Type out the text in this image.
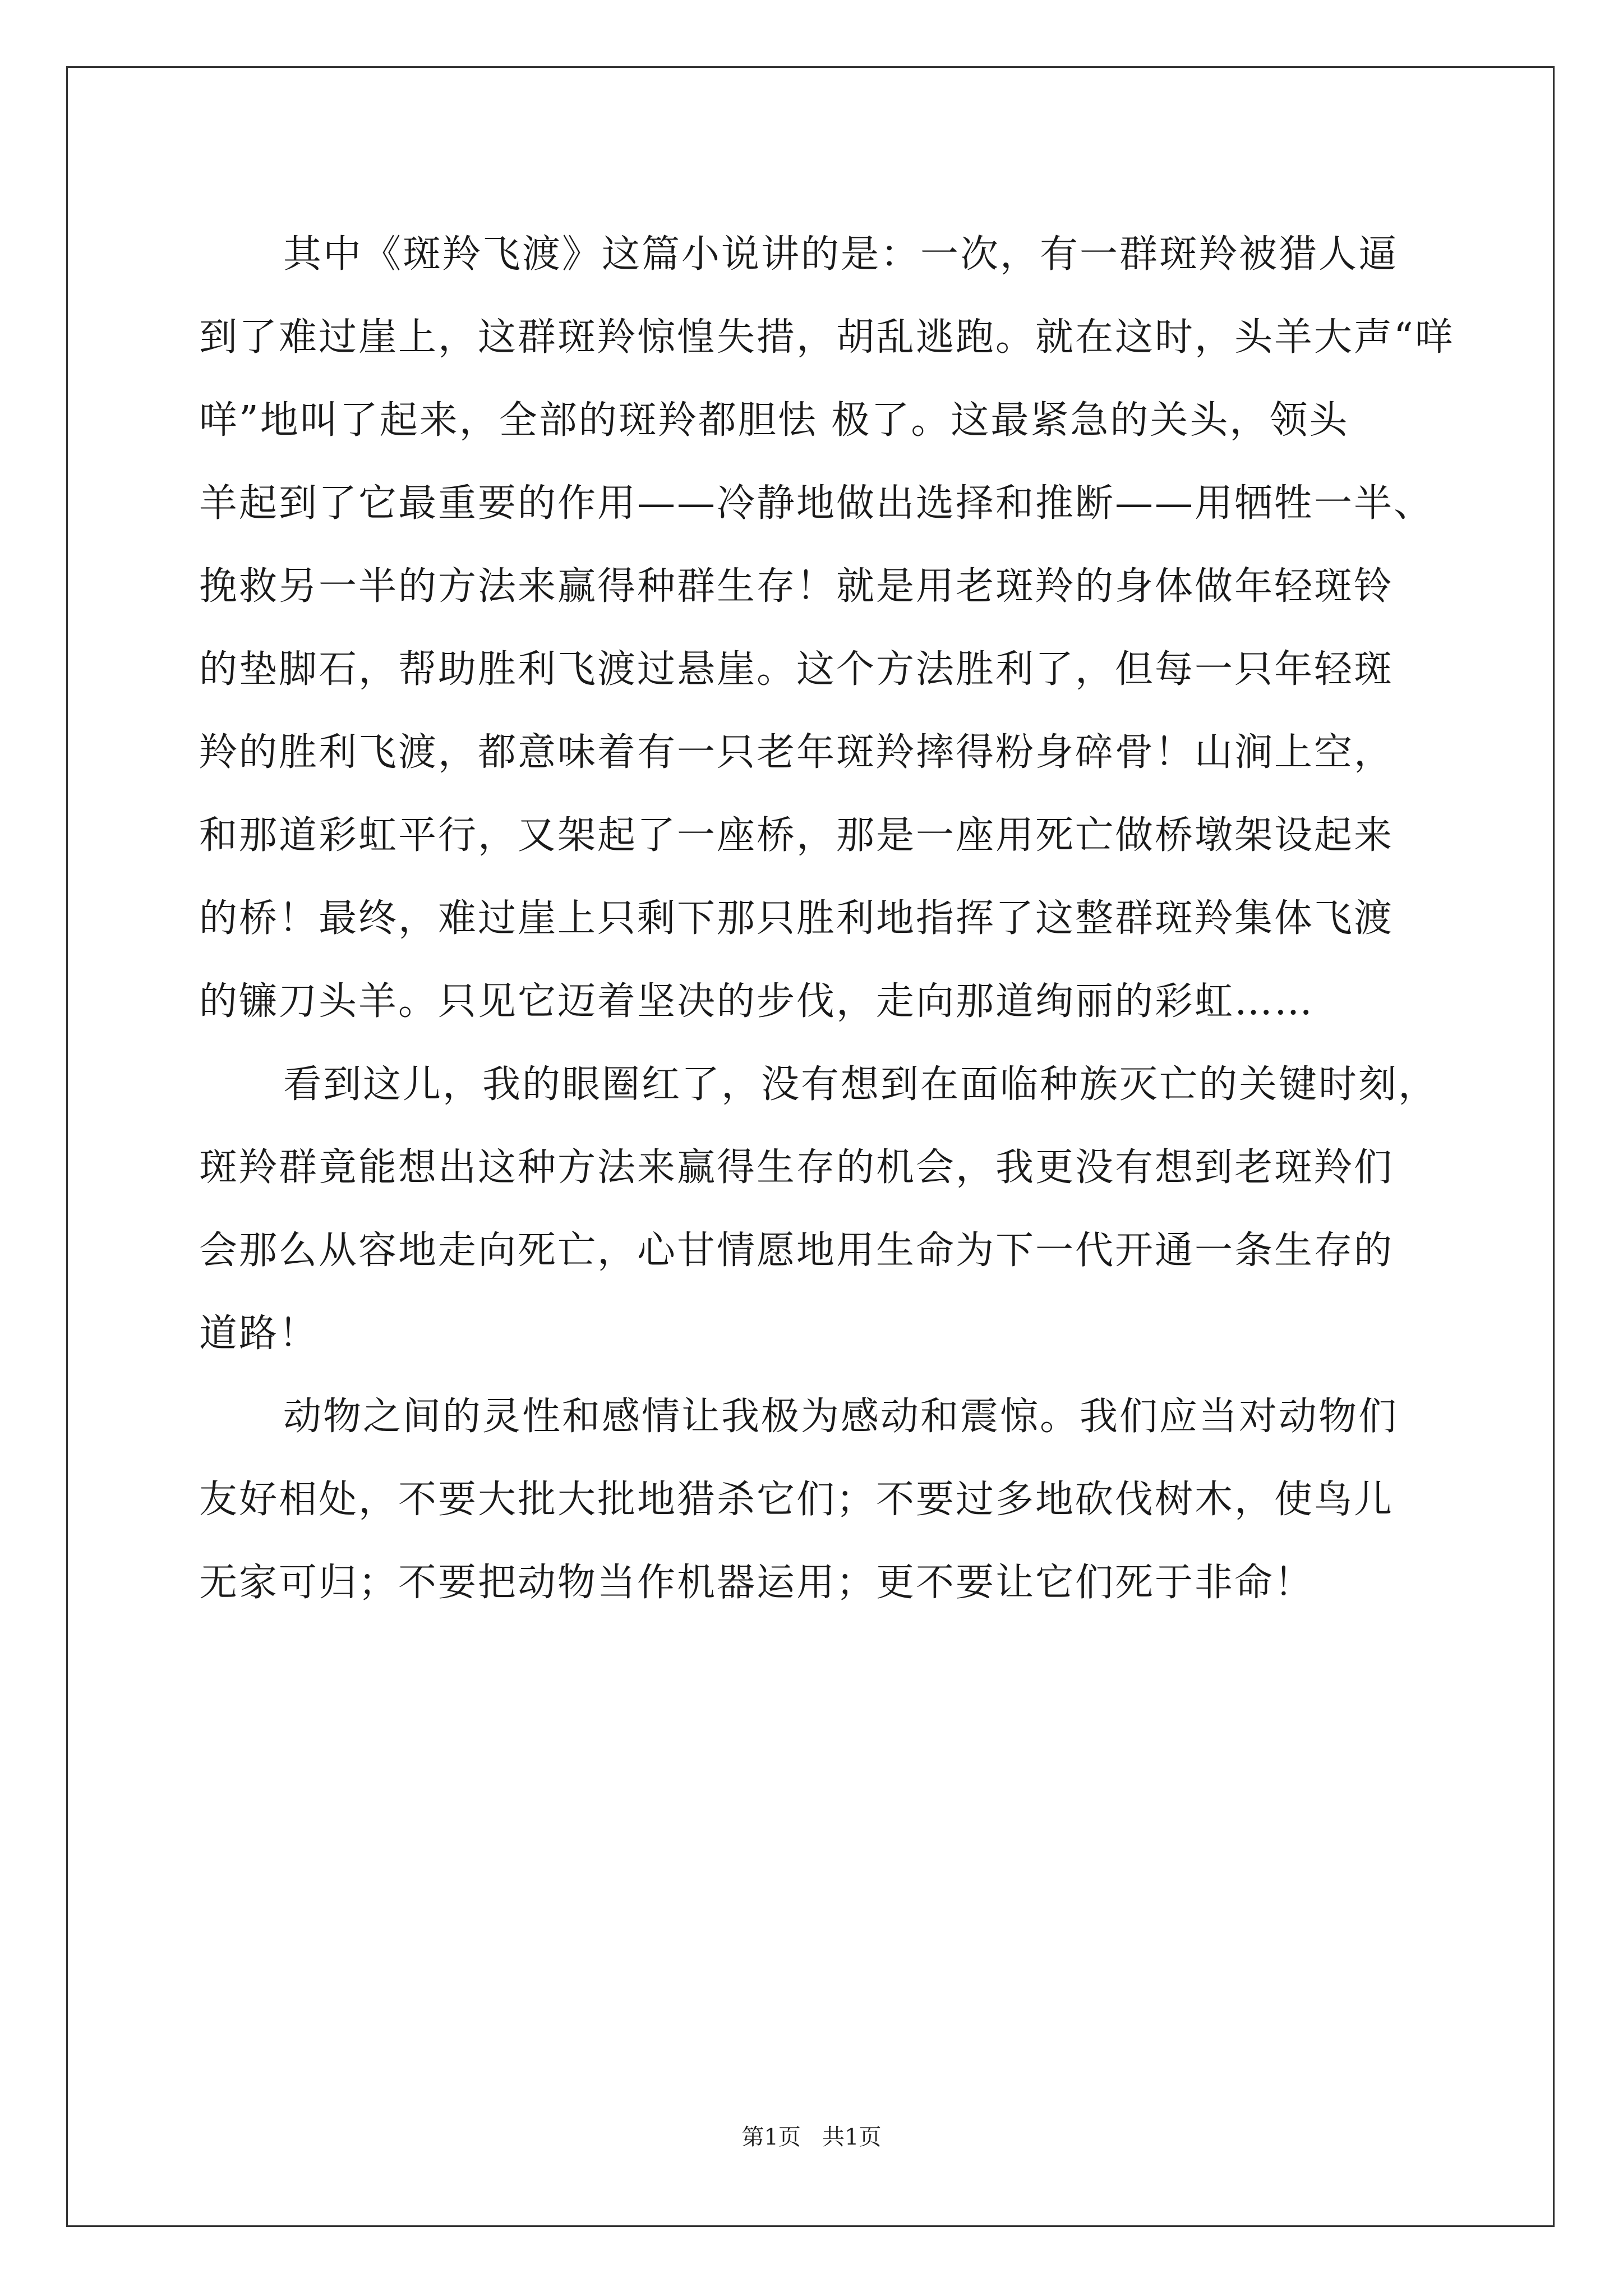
其中《斑羚飞渡》这篇小说讲的是：一次，有一群斑羚被猎人逼
到了难过崖上，这群斑羚惊惶失措，胡乱逃跑。就在这时，头羊大声“咩
咩”地叫了起来，全部的斑羚都胆怯 极了。这最紧急的关头，领头
羊起到了它最重要的作用——冷静地做出选择和推断——用牺牲一半、
挽救另一半的方法来赢得种群生存！就是用老斑羚的身体做年轻斑铃
的垫脚石，帮助胜利飞渡过悬崖。这个方法胜利了，但每一只年轻斑
羚的胜利飞渡，都意味着有一只老年斑羚摔得粉身碎骨！山涧上空，
和那道彩虹平行，又架起了一座桥，那是一座用死亡做桥墩架设起来
的桥！最终，难过崖上只剩下那只胜利地指挥了这整群斑羚集体飞渡
的镰刀头羊。只见它迈着坚决的步伐，走向那道绚丽的彩虹……
看到这儿，我的眼圈红了，没有想到在面临种族灭亡的关键时刻，
斑羚群竟能想出这种方法来赢得生存的机会，我更没有想到老斑羚们
会那么从容地走向死亡，心甘情愿地用生命为下一代开通一条生存的
道路！
动物之间的灵性和感情让我极为感动和震惊。我们应当对动物们
友好相处，不要大批大批地猎杀它们；不要过多地砍伐树木，使鸟儿
无家可归；不要把动物当作机器运用；更不要让它们死于非命！
第1页   共1页
